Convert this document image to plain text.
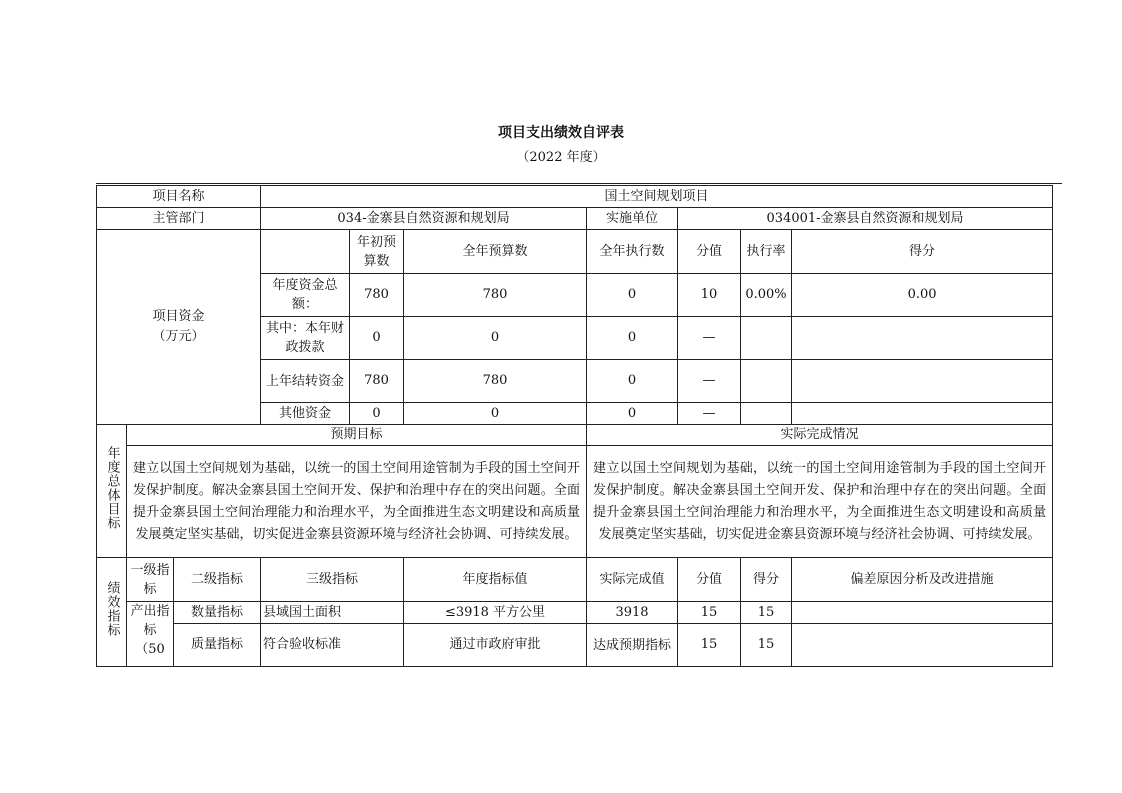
项目支出绩效自评表
（2022 年度）
项目名称			国土空间规划项目						
主管部门			034-金寨县自然资源和规划局			实施单位	034001-金寨县自然资源和规划局		

项目资金
（万元）				年初预算数	全年预算数	全年执行数	分值	执行率	得分
			年度资金总额：	780	780	0	10	0.00%	0.00
			其中：本年财政拨款	0	0	0	—		
			上年结转资金	780	780	0	—		
			其他资金	0	0	0	—		
年度总体目标	预期目标					实际完成情况			
	建立以国土空间规划为基础，以统一的国土空间用途管制为手段的国土空间开发保护制度。解决金寨县国土空间开发、保护和治理中存在的突出问题。全面提升金寨县国土空间治理能力和治理水平，为全面推进生态文明建设和高质量发展奠定坚实基础，切实促进金寨县资源环境与经济社会协调、可持续发展。					建立以国土空间规划为基础，以统一的国土空间用途管制为手段的国土空间开发保护制度。解决金寨县国土空间开发、保护和治理中存在的突出问题。全面提升金寨县国土空间治理能力和治理水平，为全面推进生态文明建设和高质量发展奠定坚实基础，切实促进金寨县资源环境与经济社会协调、可持续发展。			
绩效指标	一级指标	二级指标	三级指标		年度指标值	实际完成值	分值	得分	偏差原因分析及改进措施
	产出指标（50	数量指标	县域国土面积		≤3918 平方公里	3918	15	15	
		质量指标	符合验收标准		通过市政府审批	达成预期指标	15	15	
